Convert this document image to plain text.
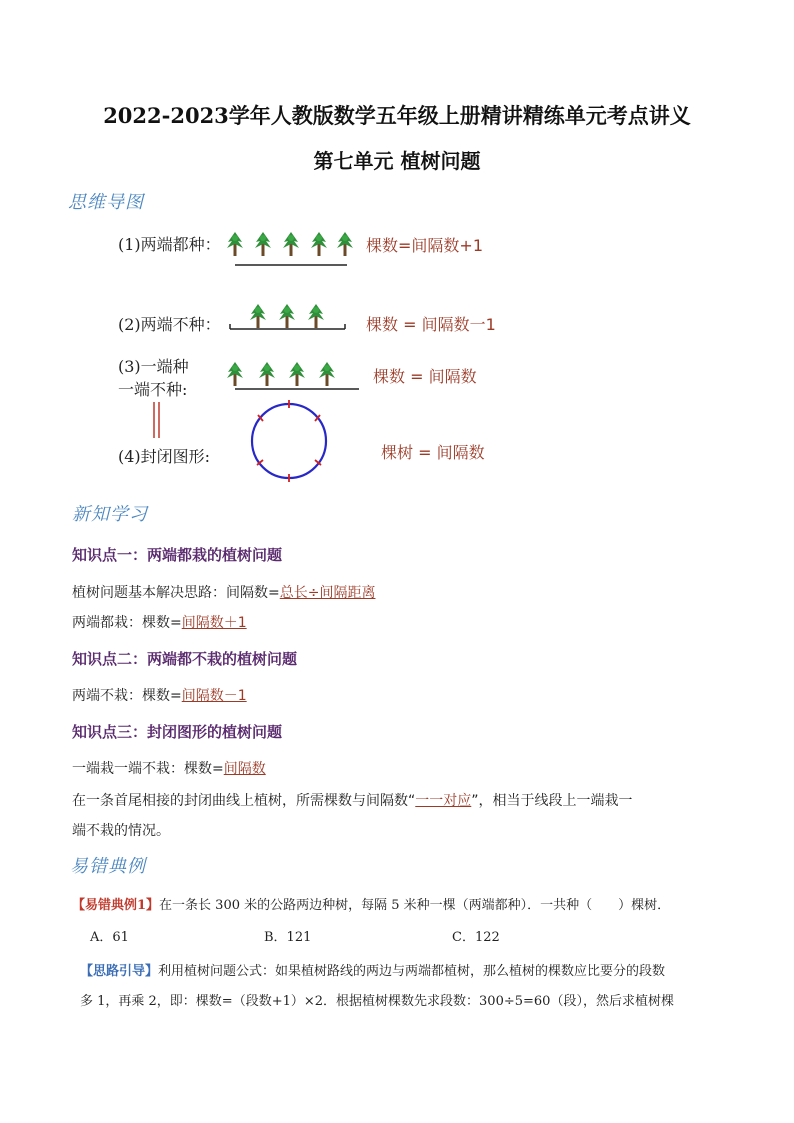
2022-2023学年人教版数学五年级上册精讲精练单元考点讲义
第七单元 植树问题
思维导图
(1)两端都种：	棵数=间隔数+1
(2)两端不种：	棵数 = 间隔数一1
(3)一端种
一端不种:
棵数 = 间隔数
(4)封闭图形:	棵树 = 间隔数
新知学习
知识点一：两端都栽的植树问题
植树问题基本解决思路：间隔数=总长÷间隔距离
两端都栽：棵数=间隔数＋1
知识点二：两端都不栽的植树问题
两端不栽：棵数=间隔数－1
知识点三：封闭图形的植树问题
一端栽一端不栽：棵数=间隔数
在一条首尾相接的封闭曲线上植树，所需棵数与间隔数“一一对应”，相当于线段上一端栽一
端不栽的情况。
易错典例
【易错典例1】在一条长 300 米的公路两边种树，每隔 5 米种一棵（两端都种）．一共种（　　）棵树．
A．61	B．121	C．122
【思路引导】利用植树问题公式：如果植树路线的两边与两端都植树，那么植树的棵数应比要分的段数
多 1，再乘 2，即：棵数=（段数+1）×2．根据植树棵数先求段数：300÷5=60（段），然后求植树棵
